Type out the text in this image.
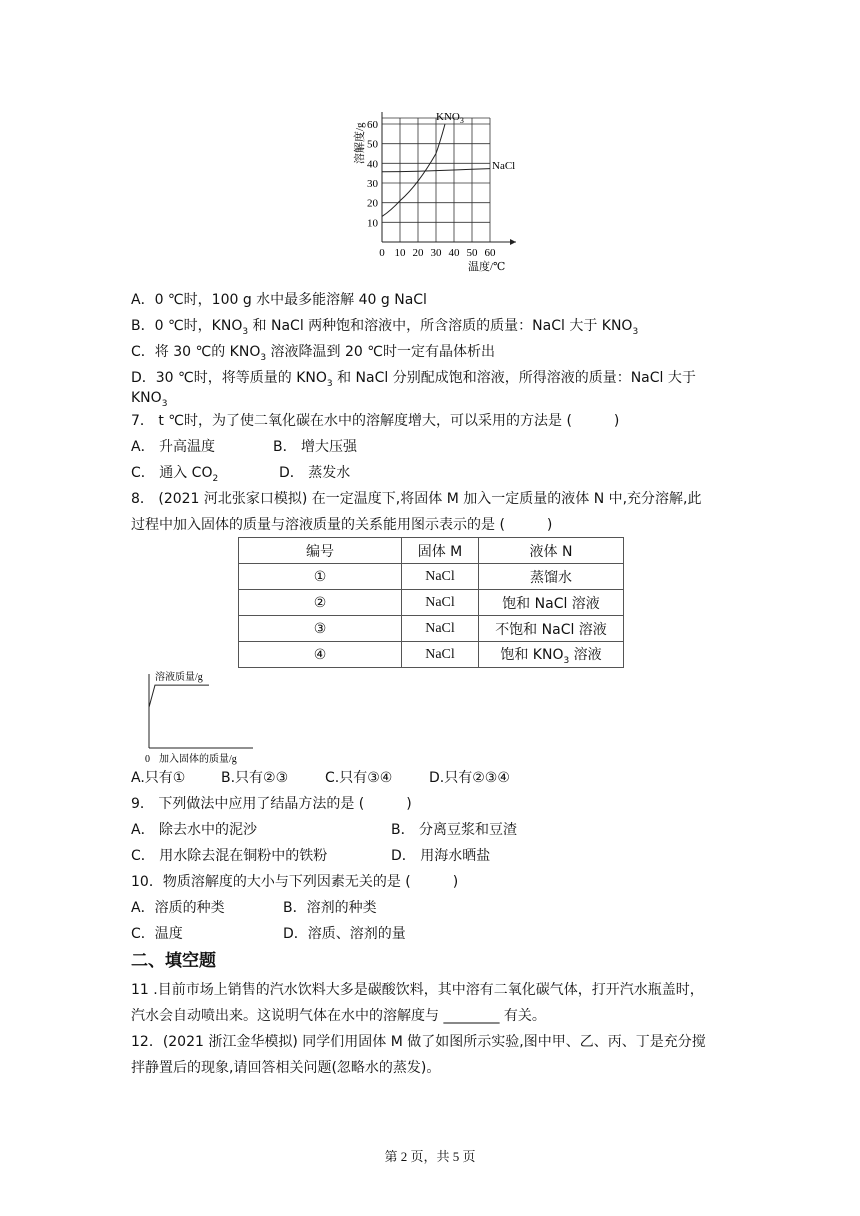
0 10 20 30 40 50 60
10
20
30
40
50
60
溶解度/g
温度/℃
$KNO_3$
NaCl
A．0 ℃时，100 g 水中最多能溶解 40 g NaCl
B．0 ℃时，$KNO_3$ 和 NaCl 两种饱和溶液中，所含溶质的质量：NaCl 大于 $KNO_3$
C．将 30 ℃的 $KNO_3$ 溶液降温到 20 ℃时一定有晶体析出
D．30 ℃时，将等质量的 $KNO_3$ 和 NaCl 分别配成饱和溶液，所得溶液的质量：NaCl 大于
$KNO_3$
7． t ℃时，为了使二氧化碳在水中的溶解度增大，可以采用的方法是 (　　　)
A． 升高温度	B． 增大压强
C． 通入 $CO_2$	D． 蒸发水
8． (2021 河北张家口模拟) 在一定温度下,将固体 M 加入一定质量的液体 N 中,充分溶解,此
过程中加入固体的质量与溶液质量的关系能用图示表示的是 (　　　)
编号	固体 M	液体 N
①	NaCl	蒸馏水
②	NaCl	饱和 NaCl 溶液
③	NaCl	不饱和 NaCl 溶液
④	NaCl	饱和 $KNO_3$ 溶液
溶液质量/g
0 加入固体的质量/g
A.只有①	B.只有②③	C.只有③④	D.只有②③④
9． 下列做法中应用了结晶方法的是 (　　　)
A． 除去水中的泥沙	B． 分离豆浆和豆渣
C． 用水除去混在铜粉中的铁粉	D． 用海水晒盐
10．物质溶解度的大小与下列因素无关的是 (　　　)
A．溶质的种类	B．溶剂的种类
C．温度	D．溶质、溶剂的量
二、填空题
11 .目前市场上销售的汽水饮料大多是碳酸饮料，其中溶有二氧化碳气体，打开汽水瓶盖时，
汽水会自动喷出来。这说明气体在水中的溶解度与 ________ 有关。
12．(2021 浙江金华模拟) 同学们用固体 M 做了如图所示实验,图中甲、乙、丙、丁是充分搅
拌静置后的现象,请回答相关问题(忽略水的蒸发)。
第 2 页，共 5 页
